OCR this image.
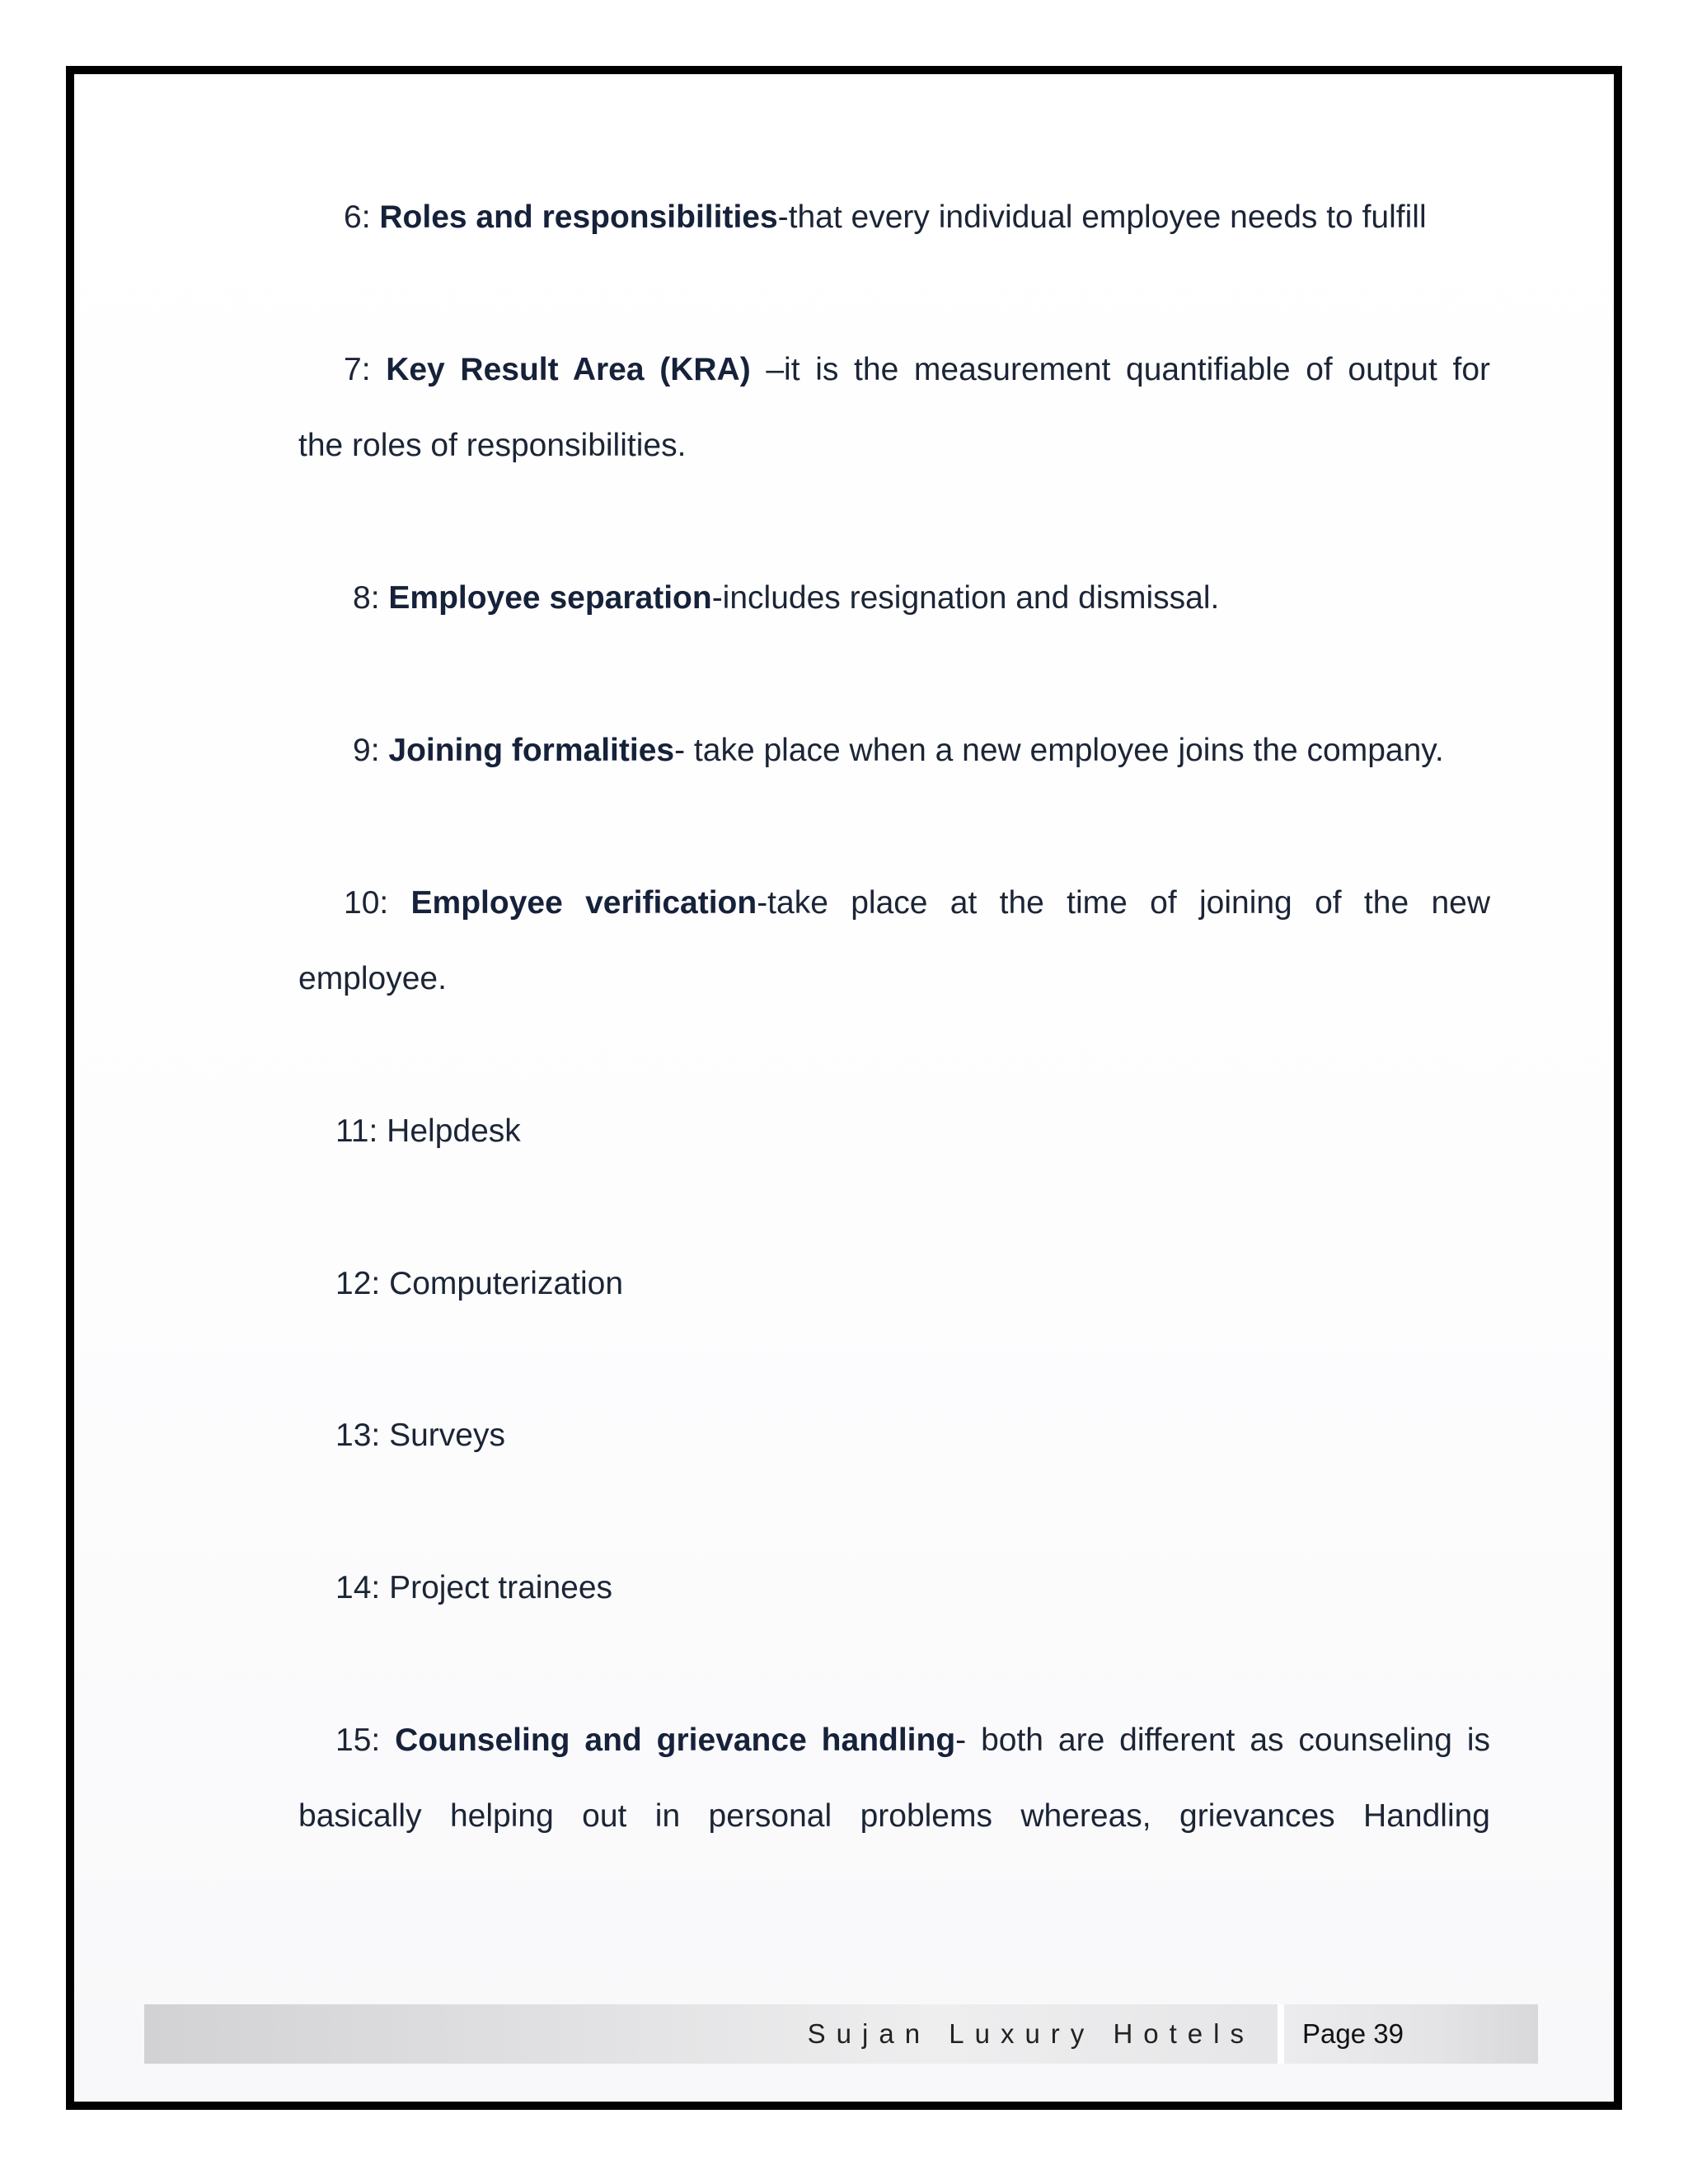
6: Roles and responsibilities-that every individual employee needs to fulfill
7: Key Result Area (KRA) –it is the measurement quantifiable of output for
the roles of responsibilities.
8: Employee separation-includes resignation and dismissal.
9: Joining formalities- take place when a new employee joins the company.
10: Employee verification-take place at the time of joining of the new
employee.
11: Helpdesk
12: Computerization
13: Surveys
14: Project trainees
15: Counseling and grievance handling- both are different as counseling is
basically helping out in personal problems whereas, grievances Handling
Sujan Luxury Hotels Page 39
